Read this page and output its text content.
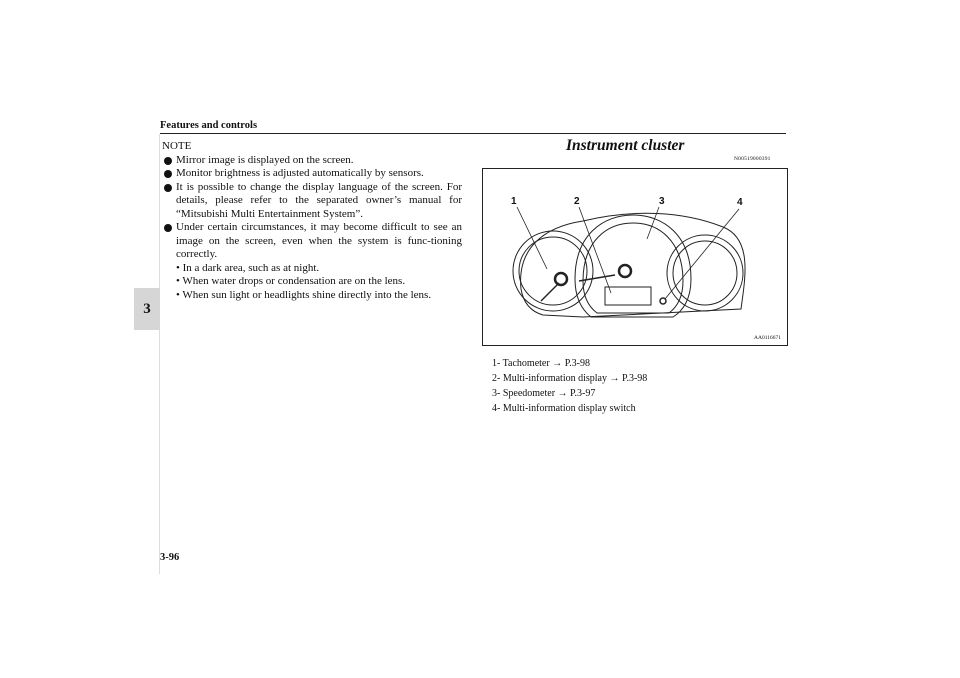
Features and controls
3
NOTE
Mirror image is displayed on the screen.
Monitor brightness is adjusted automatically by sensors.
It is possible to change the display language of the screen. For details, please refer to the separated owner’s manual for “Mitsubishi Multi Entertainment System”.
Under certain circumstances, it may become difficult to see an image on the screen, even when the system is func-tioning correctly.
• In a dark area, such as at night.
• When water drops or condensation are on the lens.
• When sun light or headlights shine directly into the lens.
Instrument cluster
N00519000391
1	2	3	4
AA0116671
1- Tachometer → P.3-98
2- Multi-information display → P.3-98
3- Speedometer → P.3-97
4- Multi-information display switch
3-96
